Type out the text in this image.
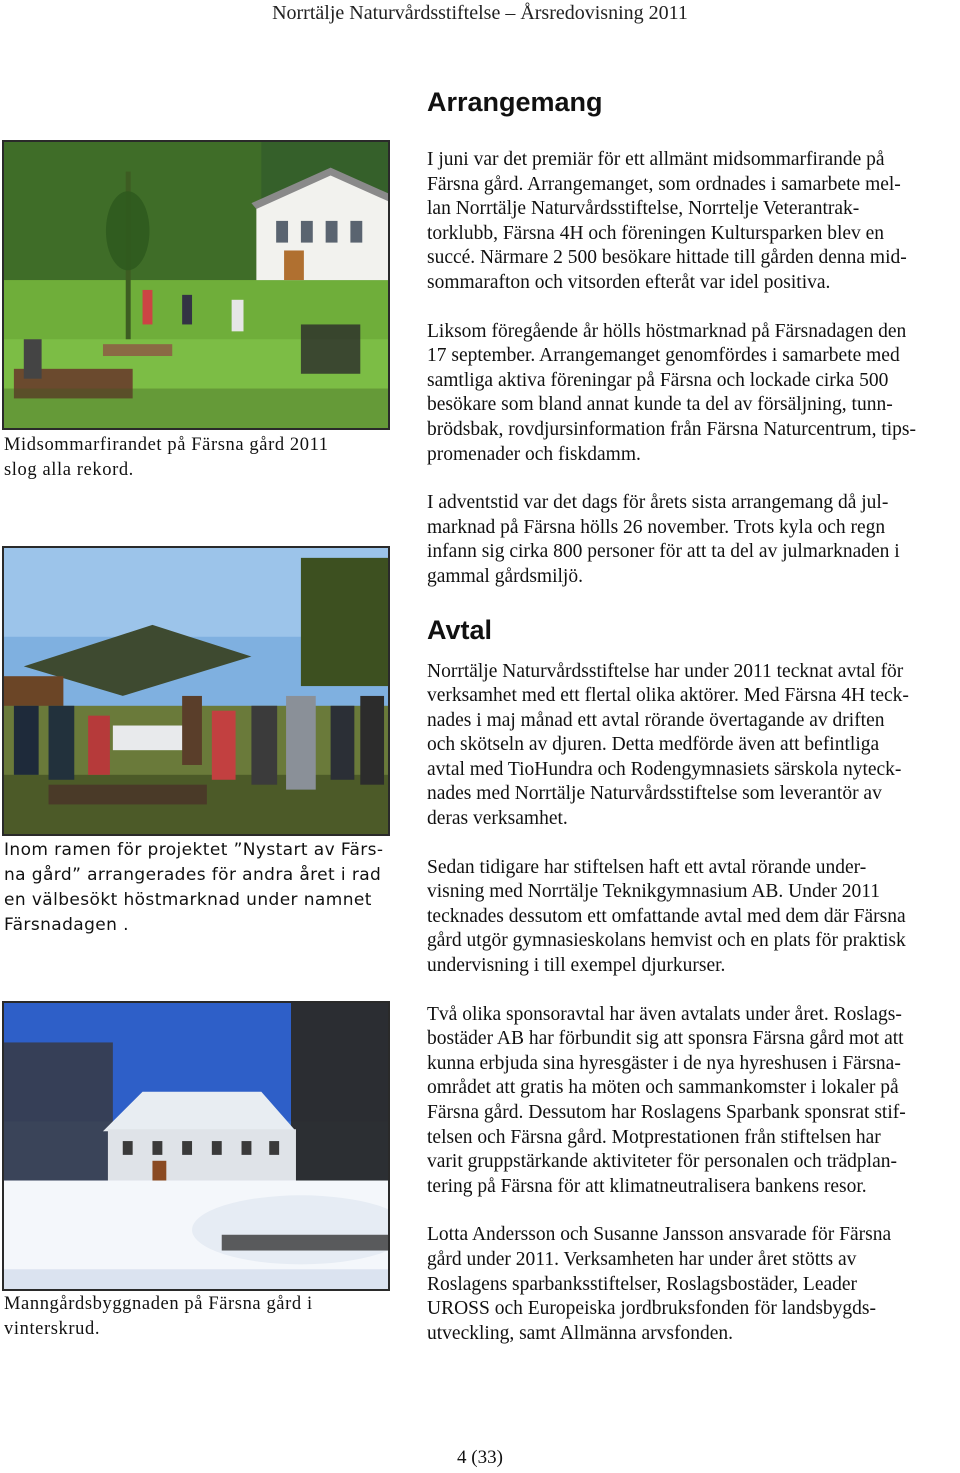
Norrtälje Naturvårdsstiftelse – Årsredovisning 2011
Midsommarfirandet på Färsna gård 2011
slog alla rekord.
Inom ramen för projektet ”Nystart av Färs-
na gård” arrangerades för andra året i rad
en välbesökt höstmarknad under namnet
Färsnadagen .
Manngårdsbyggnaden på Färsna gård i
vinterskrud.
Arrangemang

I juni var det premiär för ett allmänt midsommarfirande på
Färsna gård. Arrangemanget, som ordnades i samarbete mel-
lan Norrtälje Naturvårdsstiftelse, Norrtelje Veterantrak-
torklubb, Färsna 4H och föreningen Kultursparken blev en
succé. Närmare 2 500 besökare hittade till gården denna mid-
sommarafton och vitsorden efteråt var idel positiva.

Liksom föregående år hölls höstmarknad på Färsnadagen den
17 september. Arrangemanget genomfördes i samarbete med
samtliga aktiva föreningar på Färsna och lockade cirka 500
besökare som bland annat kunde ta del av försäljning, tunn-
brödsbak, rovdjursinformation från Färsna Naturcentrum, tips-
promenader och fiskdamm.

I adventstid var det dags för årets sista arrangemang då jul-
marknad på Färsna hölls 26 november. Trots kyla och regn
infann sig cirka 800 personer för att ta del av julmarknaden i
gammal gårdsmiljö.

Avtal

Norrtälje Naturvårdsstiftelse har under 2011 tecknat avtal för
verksamhet med ett flertal olika aktörer. Med Färsna 4H teck-
nades i maj månad ett avtal rörande övertagande av driften
och skötseln av djuren. Detta medförde även att befintliga
avtal med TioHundra och Rodengymnasiets särskola nyteck-
nades med Norrtälje Naturvårdsstiftelse som leverantör av
deras verksamhet.

Sedan tidigare har stiftelsen haft ett avtal rörande under-
visning med Norrtälje Teknikgymnasium AB. Under 2011
tecknades dessutom ett omfattande avtal med dem där Färsna
gård utgör gymnasieskolans hemvist och en plats för praktisk
undervisning i till exempel djurkurser.

Två olika sponsoravtal har även avtalats under året. Roslags-
bostäder AB har förbundit sig att sponsra Färsna gård mot att
kunna erbjuda sina hyresgäster i de nya hyreshusen i Färsna-
området att gratis ha möten och sammankomster i lokaler på
Färsna gård. Dessutom har Roslagens Sparbank sponsrat stif-
telsen och Färsna gård. Motprestationen från stiftelsen har
varit gruppstärkande aktiviteter för personalen och trädplan-
tering på Färsna för att klimatneutralisera bankens resor.

Lotta Andersson och Susanne Jansson ansvarade för Färsna
gård under 2011. Verksamheten har under året stötts av
Roslagens sparbanksstiftelser, Roslagsbostäder, Leader
UROSS och Europeiska jordbruksfonden för landsbygds-
utveckling, samt Allmänna arvsfonden.

4 (33)
